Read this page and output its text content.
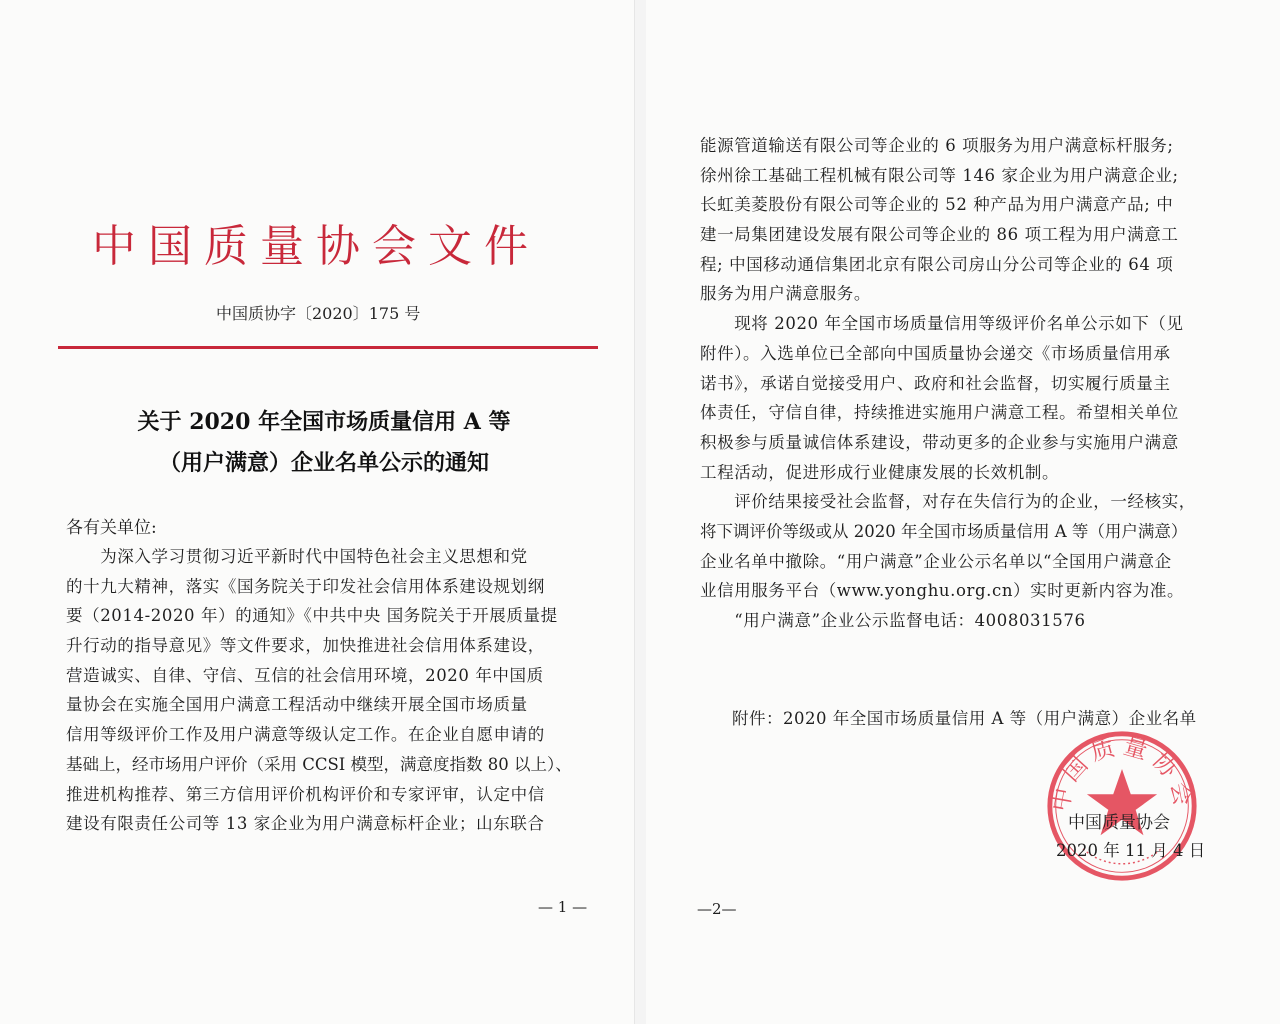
中国质量协会文件
中国质协字〔2020〕175 号
关于 2020 年全国市场质量信用 A 等
（用户满意）企业名单公示的通知
各有关单位:
　　为深入学习贯彻习近平新时代中国特色社会主义思想和党
的十九大精神，落实《国务院关于印发社会信用体系建设规划纲
要（2014-2020 年）的通知》《中共中央 国务院关于开展质量提
升行动的指导意见》等文件要求，加快推进社会信用体系建设，
营造诚实、自律、守信、互信的社会信用环境，2020 年中国质
量协会在实施全国用户满意工程活动中继续开展全国市场质量
信用等级评价工作及用户满意等级认定工作。在企业自愿申请的
基础上，经市场用户评价（采用 CCSI 模型，满意度指数 80 以上）、
推进机构推荐、第三方信用评价机构评价和专家评审，认定中信
建设有限责任公司等 13 家企业为用户满意标杆企业；山东联合
— 1 —
能源管道输送有限公司等企业的 6 项服务为用户满意标杆服务;
徐州徐工基础工程机械有限公司等 146 家企业为用户满意企业;
长虹美菱股份有限公司等企业的 52 种产品为用户满意产品; 中
建一局集团建设发展有限公司等企业的 86 项工程为用户满意工
程; 中国移动通信集团北京有限公司房山分公司等企业的 64 项
服务为用户满意服务。
　　现将 2020 年全国市场质量信用等级评价名单公示如下（见
附件）。入选单位已全部向中国质量协会递交《市场质量信用承
诺书》，承诺自觉接受用户、政府和社会监督，切实履行质量主
体责任，守信自律，持续推进实施用户满意工程。希望相关单位
积极参与质量诚信体系建设，带动更多的企业参与实施用户满意
工程活动，促进形成行业健康发展的长效机制。
　　评价结果接受社会监督，对存在失信行为的企业，一经核实，
将下调评价等级或从 2020 年全国市场质量信用 A 等（用户满意）
企业名单中撤除。“用户满意”企业公示名单以“全国用户满意企
业信用服务平台（www.yonghu.org.cn）实时更新内容为准。
　　“用户满意”企业公示监督电话：4008031576
附件：2020 年全国市场质量信用 A 等（用户满意）企业名单
中国质量协会
中国质量协会
2020 年 11 月 4 日
—2—
